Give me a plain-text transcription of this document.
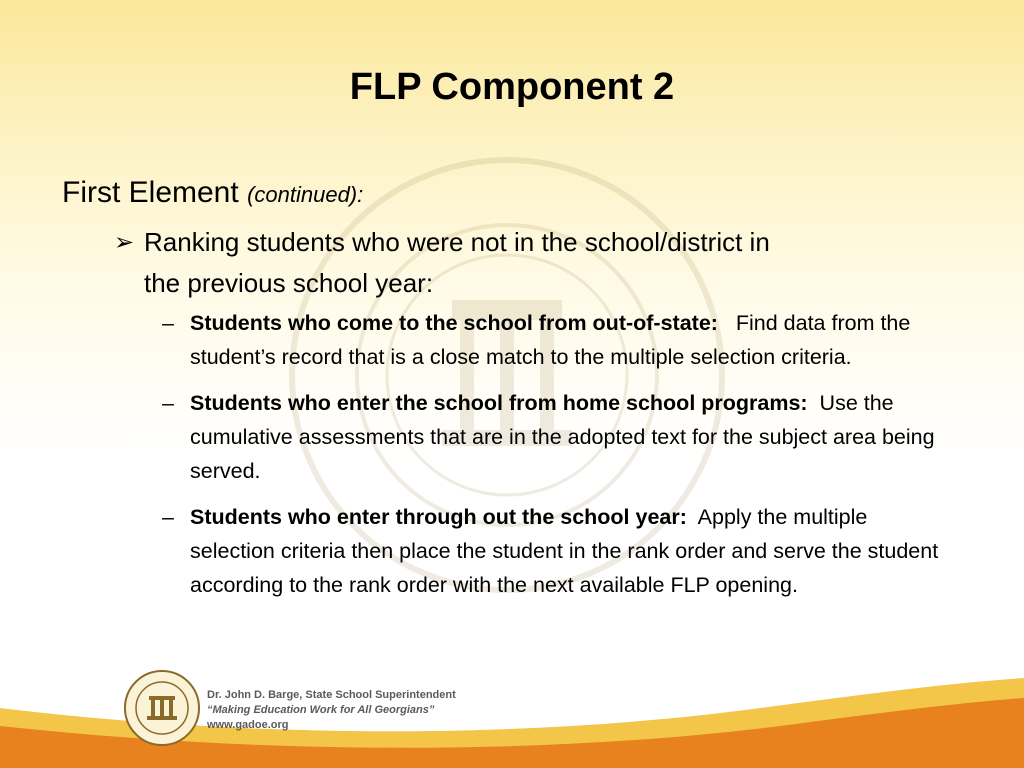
FLP Component 2

First Element (continued):

➢ Ranking students who were not in the school/district in
the previous school year:
– Students who come to the school from out-of-state: Find data from the student’s record that is a close match to the multiple selection criteria.
– Students who enter the school from home school programs: Use the cumulative assessments that are in the adopted text for the subject area being served.
– Students who enter through out the school year: Apply the multiple selection criteria then place the student in the rank order and serve the student according to the rank order with the next available FLP opening.
Dr. John D. Barge, State School Superintendent
“Making Education Work for All Georgians”
www.gadoe.org
